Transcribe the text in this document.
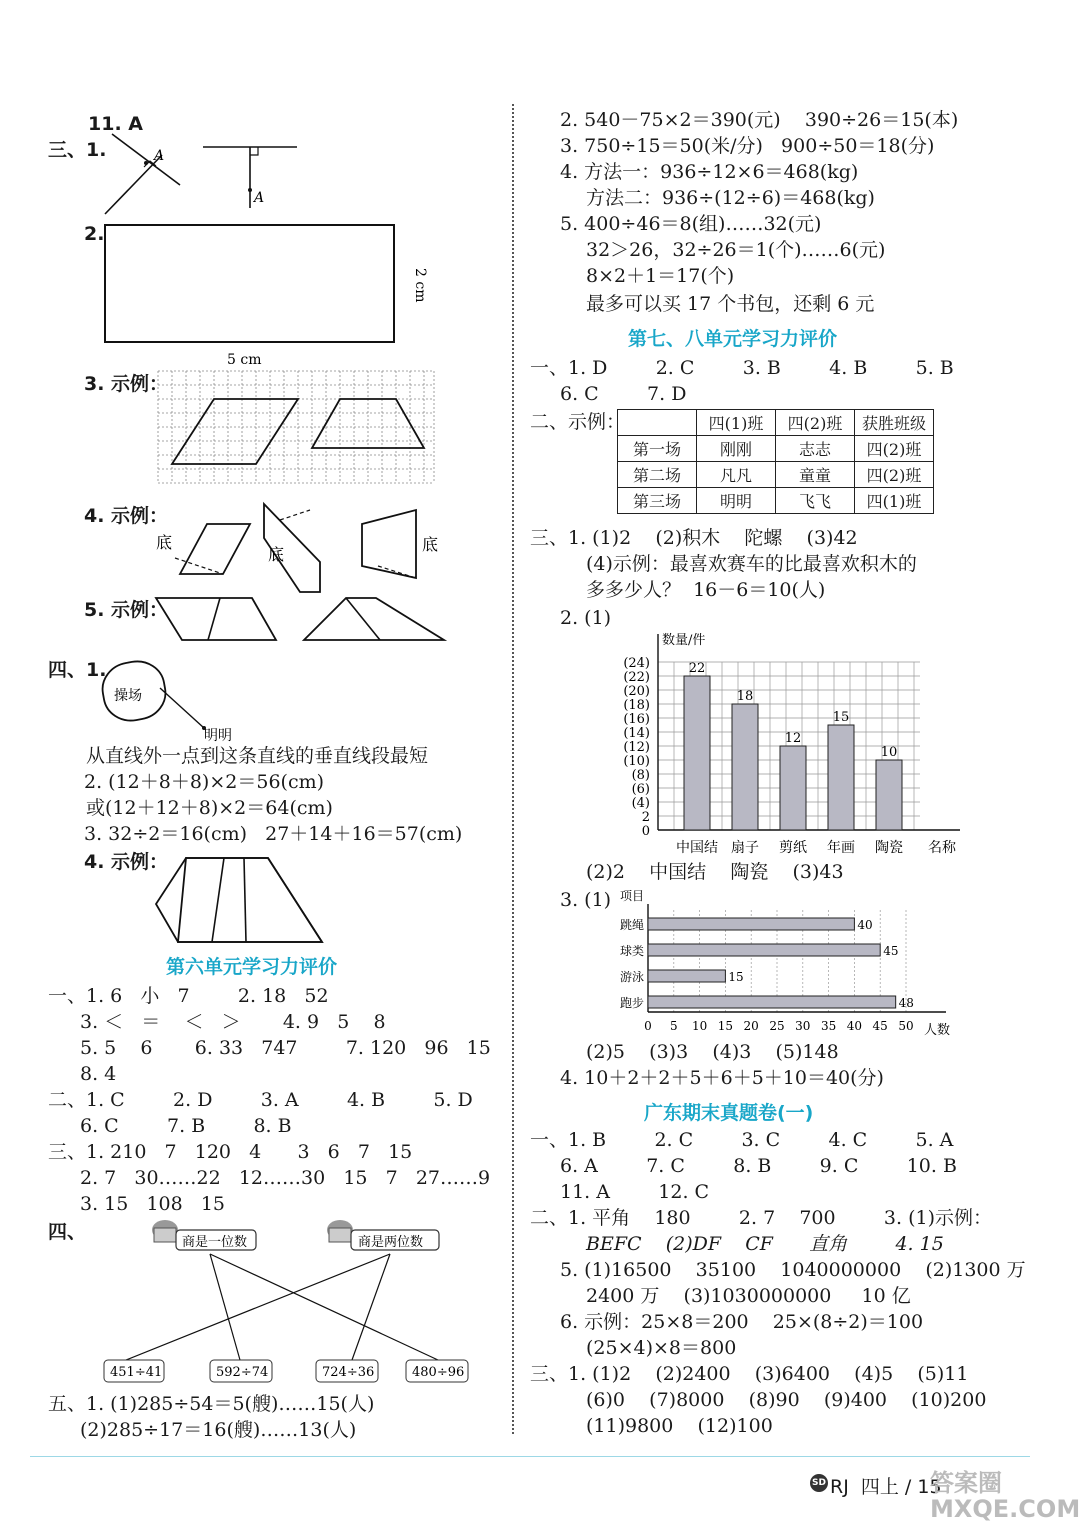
11. A
三、1.	A
A
2.
5 cm
2 cm
3. 示例：
4. 示例：
底
底
底
5. 示例：
四、1.
操场
明明
从直线外一点到这条直线的垂直线段最短
2. (12＋8＋8)×2＝56(cm)
或(12＋12＋8)×2＝64(cm)
3. 32÷2＝16(cm)   27＋14＋16＝57(cm)
4. 示例：
第六单元学习力评价
一、1. 6   小   7        2. 18   52
3. ＜   ＝    ＜   ＞       4. 9   5    8
5. 5    6       6. 33   747        7. 120   96   15
8. 4
二、1. C        2. D        3. A        4. B        5. D
6. C        7. B        8. B
三、1. 210   7   120   4      3   6   7   15
2. 7   30……22   12……30   15   7   27……9
3. 15   108   15
四、	商是一位数	商是两位数
451÷41	592÷74	724÷36	480÷96
五、1. (1)285÷54＝5(艘)……15(人)
(2)285÷17＝16(艘)……13(人)
2. 540－75×2＝390(元)    390÷26＝15(本)
3. 750÷15＝50(米/分)   900÷50＝18(分)
4. 方法一：936÷12×6＝468(kg)
方法二：936÷(12÷6)＝468(kg)
5. 400÷46＝8(组)……32(元)
32＞26，32÷26＝1(个)……6(元)
8×2＋1＝17(个)
最多可以买 17 个书包，还剩 6 元
第七、八单元学习力评价
一、1. D        2. C        3. B        4. B        5. B
6. C        7. D
二、示例：
		四(1)班	四(2)班	获胜班级
第一场	刚刚	志志	四(2)班
第二场	凡凡	童童	四(2)班
第三场	明明	飞飞	四(1)班
三、1. (1)2    (2)积木    陀螺    (3)42
(4)示例：最喜欢赛车的比最喜欢积木的
多多少人？  16－6＝10(人)
2. (1)
数量/件
名称
(24)
(22)
(20)
(18)
(16)
(14)
(12)
(10)
(8)
(6)
(4)
2
0
22
中国结
18
扇子
12
剪纸
15
年画
10
陶瓷
(2)2    中国结    陶瓷    (3)43
3. (1) 项目
0 5 10 15 20 25 30 35 40 45 50 人数
40
跳绳
45
球类
15
游泳
48
跑步
(2)5    (3)3    (4)3    (5)148
4. 10＋2＋2＋5＋6＋5＋10＝40(分)
广东期末真题卷(一)
一、1. B        2. C        3. C        4. C        5. A
6. A        7. C        8. B        9. C        10. B
11. A        12. C
二、1. 平角    180        2. 7    700        3. (1)示例：
BEFC    (2)DF    CF      直角        4. 15
5. (1)16500    35100    1040000000    (2)1300 万
2400 万    (3)1030000000     10 亿
6. 示例：25×8＝200    25×(8÷2)＝100
(25×4)×8＝800
三、1. (1)2    (2)2400    (3)6400    (4)5    (5)11
(6)0    (7)8000    (8)90    (9)400    (10)200
(11)9800    (12)100
SD RJ  四上 / 15
答案圈
MXQE.COM
